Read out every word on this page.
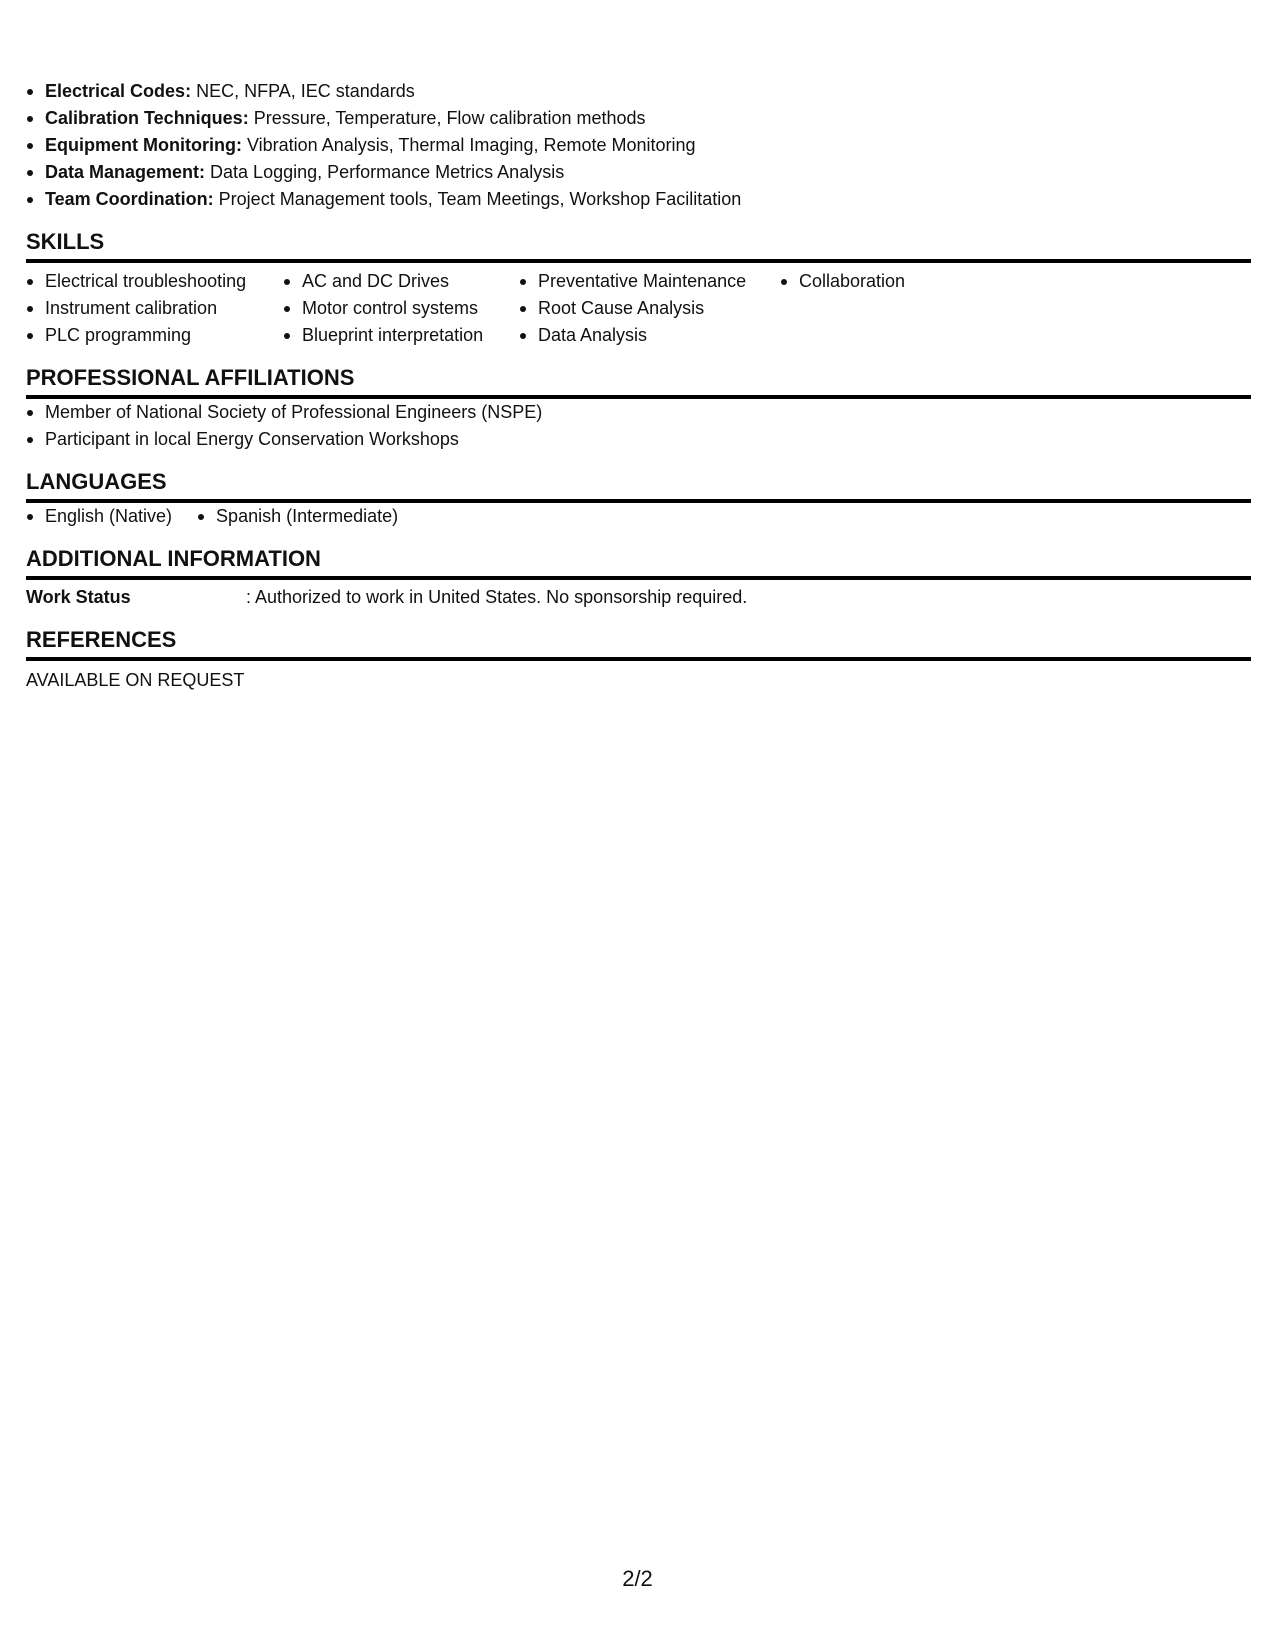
Electrical Codes: NEC, NFPA, IEC standards
Calibration Techniques: Pressure, Temperature, Flow calibration methods
Equipment Monitoring: Vibration Analysis, Thermal Imaging, Remote Monitoring
Data Management: Data Logging, Performance Metrics Analysis
Team Coordination: Project Management tools, Team Meetings, Workshop Facilitation
SKILLS
Electrical troubleshooting
Instrument calibration
PLC programming
AC and DC Drives
Motor control systems
Blueprint interpretation
Preventative Maintenance
Root Cause Analysis
Data Analysis
Collaboration
PROFESSIONAL AFFILIATIONS
Member of National Society of Professional Engineers (NSPE)
Participant in local Energy Conservation Workshops
LANGUAGES
English (Native)	Spanish (Intermediate)
ADDITIONAL INFORMATION
Work Status	: Authorized to work in United States. No sponsorship required.
REFERENCES
AVAILABLE ON REQUEST
2/2
